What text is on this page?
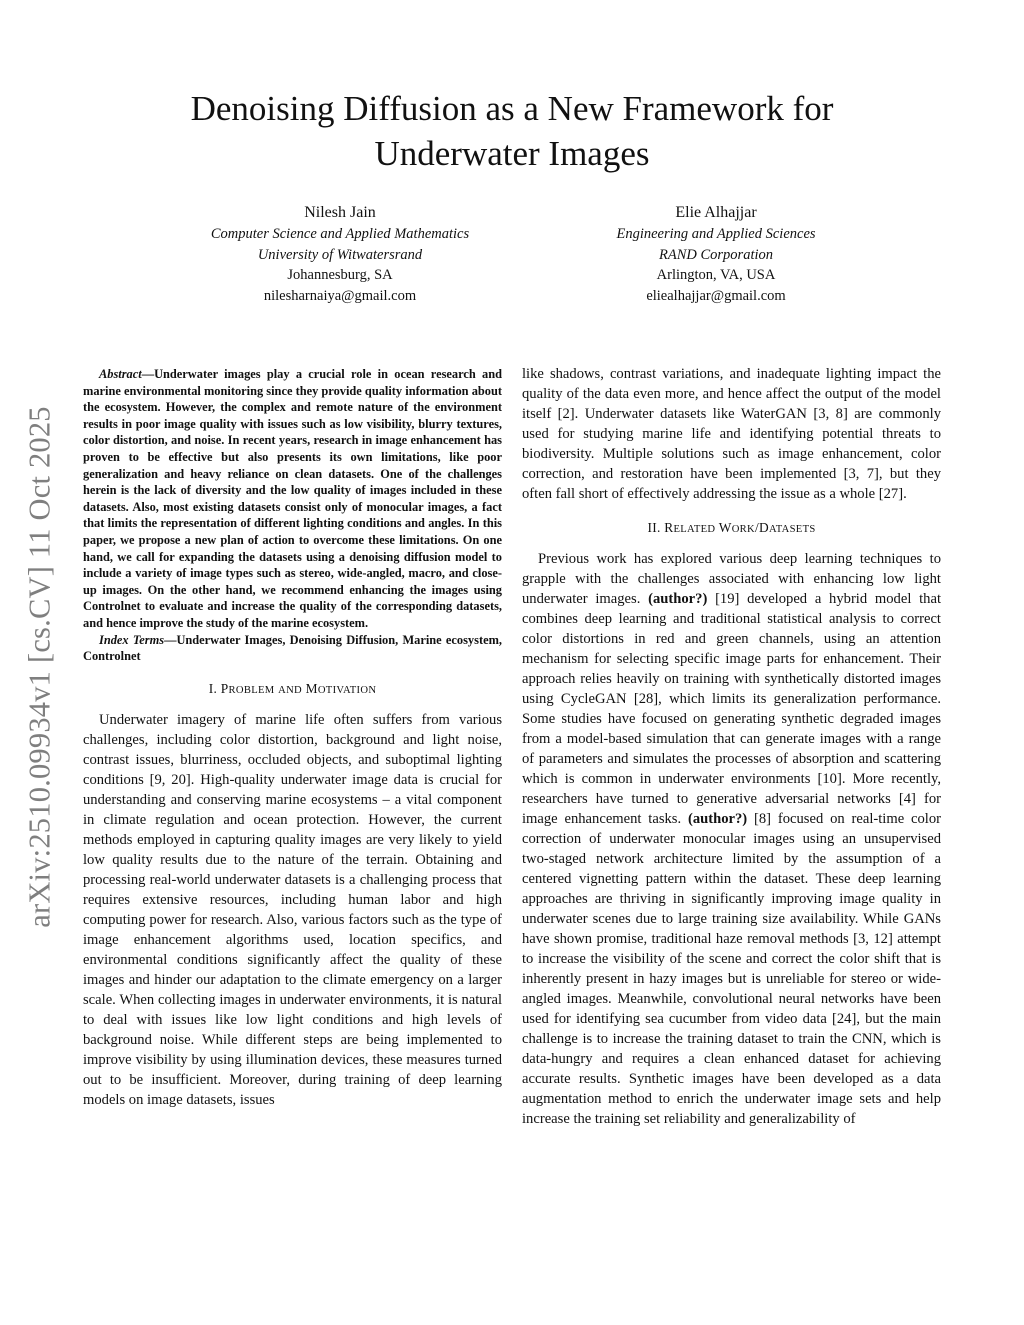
arXiv:2510.09934v1 [cs.CV] 11 Oct 2025
Denoising Diffusion as a New Framework for
Underwater Images
Nilesh Jain
Computer Science and Applied Mathematics
University of Witwatersrand
Johannesburg, SA
nilesharnaiya@gmail.com
Elie Alhajjar
Engineering and Applied Sciences
RAND Corporation
Arlington, VA, USA
eliealhajjar@gmail.com

Abstract—Underwater images play a crucial role in ocean research and marine environmental monitoring since they provide quality information about the ecosystem. However, the complex and remote nature of the environment results in poor image quality with issues such as low visibility, blurry textures, color distortion, and noise. In recent years, research in image enhancement has proven to be effective but also presents its own limitations, like poor generalization and heavy reliance on clean datasets. One of the challenges herein is the lack of diversity and the low quality of images included in these datasets. Also, most existing datasets consist only of monocular images, a fact that limits the representation of different lighting conditions and angles. In this paper, we propose a new plan of action to overcome these limitations. On one hand, we call for expanding the datasets using a denoising diffusion model to include a variety of image types such as stereo, wide-angled, macro, and close-up images. On the other hand, we recommend enhancing the images using Controlnet to evaluate and increase the quality of the corresponding datasets, and hence improve the study of the marine ecosystem.

Index Terms—Underwater Images, Denoising Diffusion, Marine ecosystem, Controlnet

I. PROBLEM AND MOTIVATION

Underwater imagery of marine life often suffers from various challenges, including color distortion, background and light noise, contrast issues, blurriness, occluded objects, and suboptimal lighting conditions [9, 20]. High-quality underwater image data is crucial for understanding and conserving marine ecosystems – a vital component in climate regulation and ocean protection. However, the current methods employed in capturing quality images are very likely to yield low quality results due to the nature of the terrain. Obtaining and processing real-world underwater datasets is a challenging process that requires extensive resources, including human labor and high computing power for research. Also, various factors such as the type of image enhancement algorithms used, location specifics, and environmental conditions significantly affect the quality of these images and hinder our adaptation to the climate emergency on a larger scale. When collecting images in underwater environments, it is natural to deal with issues like low light conditions and high levels of background noise. While different steps are being implemented to improve visibility by using illumination devices, these measures turned out to be insufficient. Moreover, during training of deep learning models on image datasets, issues

like shadows, contrast variations, and inadequate lighting impact the quality of the data even more, and hence affect the output of the model itself [2]. Underwater datasets like WaterGAN [3, 8] are commonly used for studying marine life and identifying potential threats to biodiversity. Multiple solutions such as image enhancement, color correction, and restoration have been implemented [3, 7], but they often fall short of effectively addressing the issue as a whole [27].

II. RELATED WORK/DATASETS

Previous work has explored various deep learning techniques to grapple with the challenges associated with enhancing low light underwater images. (author?) [19] developed a hybrid model that combines deep learning and traditional statistical analysis to correct color distortions in red and green channels, using an attention mechanism for selecting specific image parts for enhancement. Their approach relies heavily on training with synthetically distorted images using CycleGAN [28], which limits its generalization performance. Some studies have focused on generating synthetic degraded images from a model-based simulation that can generate images with a range of parameters and simulates the processes of absorption and scattering which is common in underwater environments [10]. More recently, researchers have turned to generative adversarial networks [4] for image enhancement tasks. (author?) [8] focused on real-time color correction of underwater monocular images using an unsupervised two-staged network architecture limited by the assumption of a centered vignetting pattern within the dataset. These deep learning approaches are thriving in significantly improving image quality in underwater scenes due to large training size availability. While GANs have shown promise, traditional haze removal methods [3, 12] attempt to increase the visibility of the scene and correct the color shift that is inherently present in hazy images but is unreliable for stereo or wide-angled images. Meanwhile, convolutional neural networks have been used for identifying sea cucumber from video data [24], but the main challenge is to increase the training dataset to train the CNN, which is data-hungry and requires a clean enhanced dataset for achieving accurate results. Synthetic images have been developed as a data augmentation method to enrich the underwater image sets and help increase the training set reliability and generalizability of
